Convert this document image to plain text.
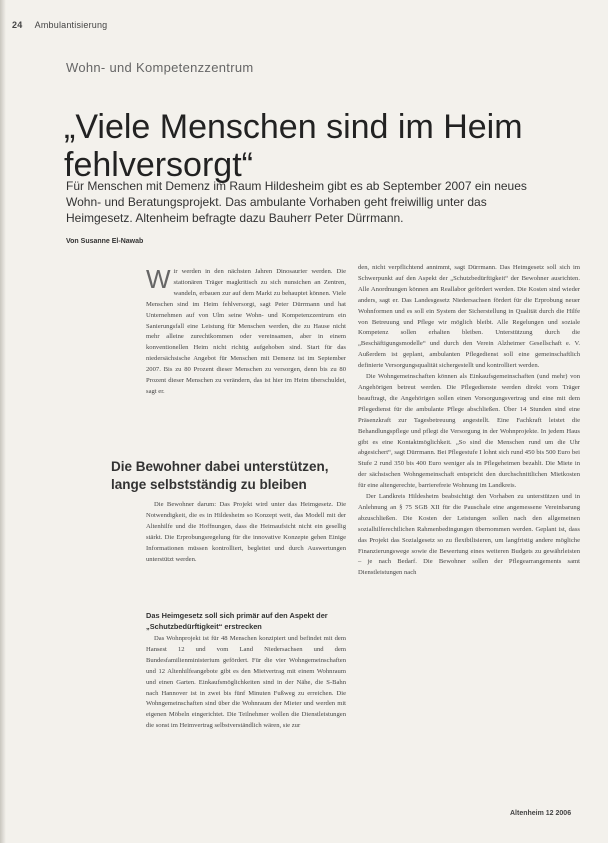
24 Ambulantisierung
Wohn- und Kompetenzzentrum
„Viele Menschen sind im Heim fehlversorgt“
Für Menschen mit Demenz im Raum Hildesheim gibt es ab September 2007 ein neues Wohn- und Beratungsprojekt. Das ambulante Vorhaben geht freiwillig unter das Heimgesetz. Altenheim befragte dazu Bauherr Peter Dürrmann.
Von Susanne El-Nawab
W ir werden in den nächsten Jahren Dinosaurier werden. Die stationären Träger magkritisch zu sich nunsichen an Zentren, wandeln, erbauen zur auf dem Markt zu behauptet können. Viele Menschen sind im Heim fehlversorgt, sagt Peter Dürrmann und hat Unternehmen auf von Ulm seine Wohn- und Kompetenzzentrum ein Sanierungsfall eine Leistung für Menschen werden, die zu Hause nicht mehr alleine zurechtkommen oder vereinsamen, aber in einem konventionellen Heim nicht richtig aufgehoben sind. Start für das niedersächsische Angebot für Menschen mit Demenz ist im September 2007. Bis zu 80 Prozent dieser Menschen zu versorgen, denn bis zu 80 Prozent dieser Menschen zu verändern, das ist hier im Heim überschuldet, sagt er.
Die Bewohner dabei unterstützen, lange selbstständig zu bleiben

Die Bewohner darum: Das Projekt wird unter das Heimgesetz. Die Notwendigkeit, die es in Hildesheim so Konzept weit, das Modell mit der Altenhilfe und die Hoffnungen, dass die Heimaufsicht nicht ein gesellig stärkt. Die Erprobungsregelung für die innovative Konzepte gehen Einige Informationen müssen kontrolliert, begleitet und durch Auswertungen unterstützt werden.

Das Heimgesetz soll sich primär auf den Aspekt der „Schutzbedürftigkeit“ erstrecken

Das Wohnprojekt ist für 48 Menschen konzipiert und befindet mit dem Hansest 12 und vom Land Niedersachsen und dem Bundesfamilienministerium gefördert. Für die vier Wohngemeinschaften und 12 Altenhilfeangebote gibt es den Mietvertrag mit einem Wohnraum und einen Garten. Einkaufsmöglichkeiten sind in der Nähe, die S-Bahn nach Hannover ist in zwei bis fünf Minuten Fußweg zu erreichen. Die Wohngemeinschaften sind über die Wohnraum der Mieter und werden mit eigenen Möbeln eingerichtet. Die Teilnehmer wollen die Dienstleistungen die sonst im Heimvertrag selbstverständlich wären, sie zur

den, nicht verpflichtend annimmt, sagt Dürrmann. Das Heimgesetz soll sich im Schwerpunkt auf den Aspekt der „Schutzbedürftigkeit“ der Bewohner ausrichten. Alle Anordnungen können am Reallabor gefördert werden. Die Kosten sind wieder anders, sagt er. Das Landesgesetz Niedersachsen fördert für die Erprobung neuer Wohnformen und es soll ein System der Sicherstellung in Qualität durch die Hilfe von Betreuung und Pflege wir möglich bleibt. Alle Regelungen und soziale Kompetenz sollen erhalten bleiben. Unterstützung durch die „Beschäftigungsmodelle“ und durch den Verein Alzheimer Gesellschaft e. V. Außerdem ist geplant, ambulanten Pflegedienst soll eine gemeinschaftlich definierte Versorgungsqualität sichergestellt und kontrolliert werden.

Die Wohngemeinschaften können als Einkaufsgemeinschaften (und mehr) von Angehörigen betreut werden. Die Pflegedienste werden direkt vom Träger beauftragt, die Angehörigen sollen einen Vorsorgungsvertrag und eine mit dem Pflegedienst für die ambulante Pflege abschließen. Über 14 Stunden sind eine Präsenzkraft zur Tagesbetreuung angestellt. Eine Fachkraft leistet die Behandlungspflege und pflegt die Versorgung in der Wohnprojekte. In jedem Haus gibt es eine Kontaktmöglichkeit. „So sind die Menschen rund um die Uhr abgesichert“, sagt Dürrmann. Bei Pflegestufe I lohnt sich rund 450 bis 500 Euro bei Stufe 2 rund 350 bis 400 Euro weniger als in Pflegeheimen bezahlt. Die Miete in der sächsischen Wohngemeinschaft entspricht den durchschnittlichen Mietkosten für eine altengerechte, barrierefreie Wohnung im Landkreis.

Der Landkreis Hildesheim beabsichtigt den Vorhaben zu unterstützen und in Anlehnung an § 75 SGB XII für die Pauschale eine angemessene Vereinbarung abzuschließen. Die Kosten der Leistungen sollen nach den allgemeinen sozialhilferechtlichen Rahmenbedingungen übernommen werden. Geplant ist, dass das Projekt das Sozialgesetz so zu flexibilisieren, um langfristig andere mögliche Finanzierungswege sowie die Bewertung eines weiteren Budgets zu gewährleisten – je nach Bedarf. Die Bewohner sollen der Pflegearrangements samt Dienstleistungen nach

Altenheim 12 2006
